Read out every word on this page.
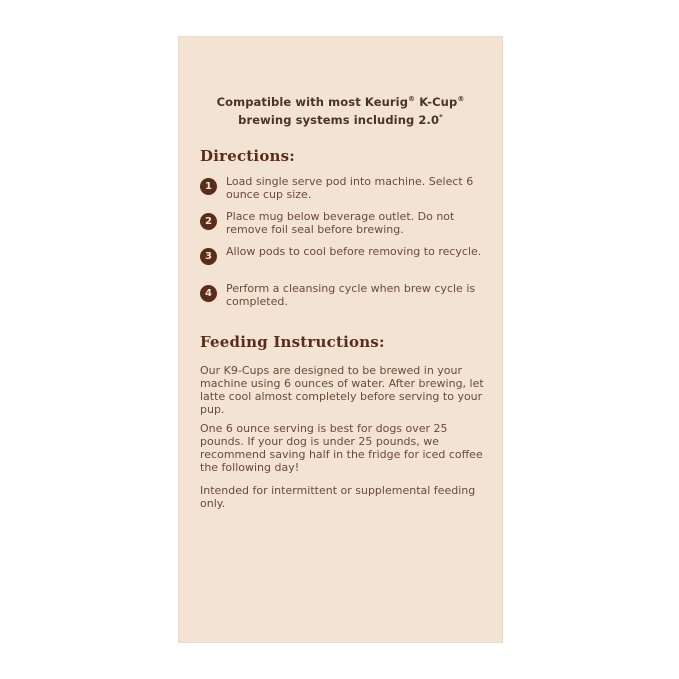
Compatible with most Keurig® K-Cup®
brewing systems including 2.0*
Directions:
1	Load single serve pod into machine. Select 6 ounce cup size.
2	Place mug below beverage outlet. Do not remove foil seal before brewing.
3	Allow pods to cool before removing to recycle.
4	Perform a cleansing cycle when brew cycle is completed.
Feeding Instructions:
Our K9-Cups are designed to be brewed in your machine using 6 ounces of water. After brewing, let latte cool almost completely before serving to your pup.
One 6 ounce serving is best for dogs over 25 pounds. If your dog is under 25 pounds, we recommend saving half in the fridge for iced coffee the following day!
Intended for intermittent or supplemental feeding only.
